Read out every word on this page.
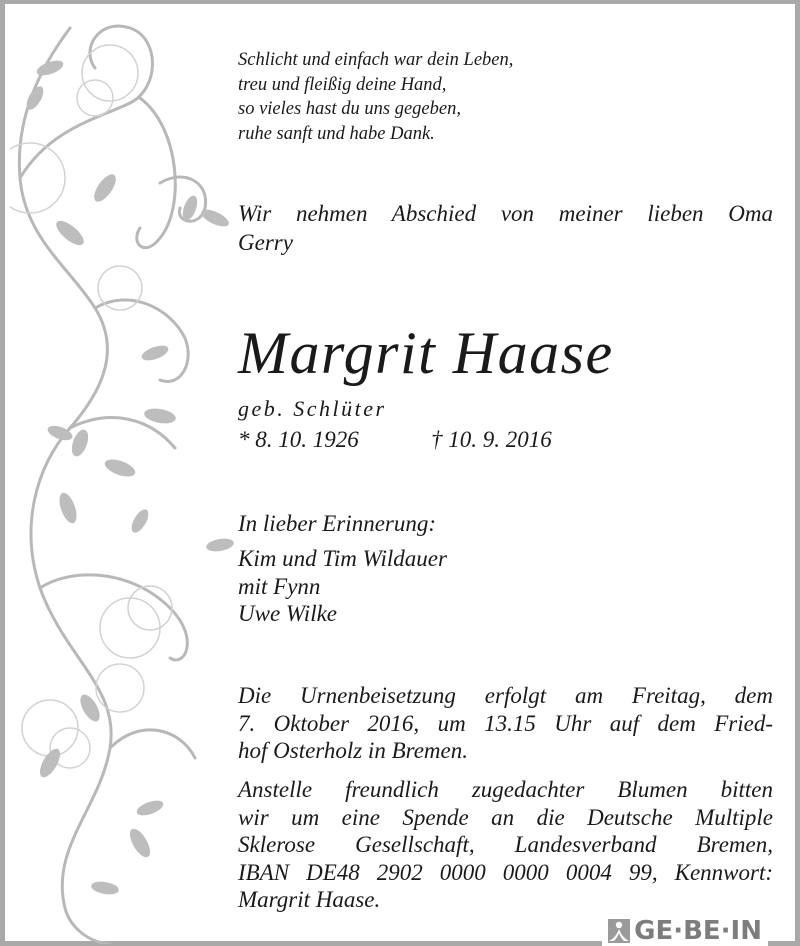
Schlicht und einfach war dein Leben,
treu und fleißig deine Hand,
so vieles hast du uns gegeben,
ruhe sanft und habe Dank.
Wir nehmen Abschied von meiner lieben Oma
Gerry
Margrit Haase
geb. Schlüter
* 8. 10. 1926	† 10. 9. 2016
In lieber Erinnerung:
Kim und Tim Wildauer
mit Fynn
Uwe Wilke
Die Urnenbeisetzung erfolgt am Freitag, dem
7. Oktober 2016, um 13.15 Uhr auf dem Fried-
hof Osterholz in Bremen.
Anstelle freundlich zugedachter Blumen bitten
wir um eine Spende an die Deutsche Multiple
Sklerose Gesellschaft, Landesverband Bremen,
IBAN DE48 2902 0000 0000 0004 99, Kennwort:
Margrit Haase.
GE·BE·IN
